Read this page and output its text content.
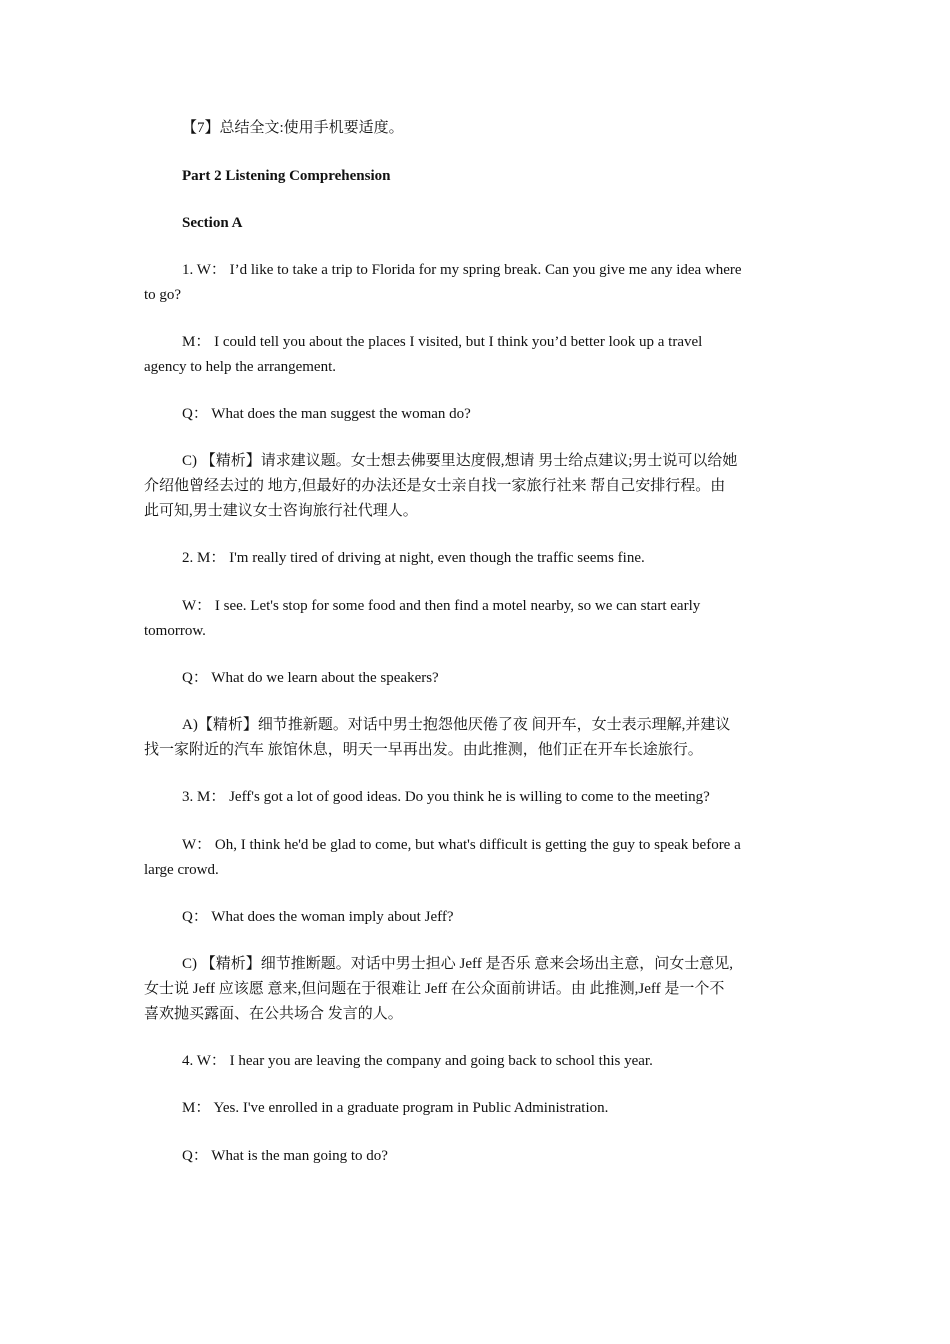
【7】总结全文:使用手机要适度。
Part 2 Listening Comprehension
Section A
1. W： I’d like to take a trip to Florida for my spring break. Can you give me any idea where
to go?
M： I could tell you about the places I visited, but I think you’d better look up a travel
agency to help the arrangement.
Q： What does the man suggest the woman do?
C) 【精析】请求建议题。女士想去佛要里达度假,想请 男士给点建议;男士说可以给她
介绍他曾经去过的 地方,但最好的办法还是女士亲自找一家旅行社来 帮自己安排行程。由
此可知,男士建议女士咨询旅行社代理人。
2. M： I'm really tired of driving at night, even though the traffic seems fine.
W： I see. Let's stop for some food and then find a motel nearby, so we can start early
tomorrow.
Q： What do we learn about the speakers?
A)【精析】细节推新题。对话中男士抱怨他厌倦了夜 间开车，女士表示理解,并建议
找一家附近的汽车 旅馆休息，明天一早再出发。由此推测，他们正在开车长途旅行。
3. M： Jeff's got a lot of good ideas. Do you think he is willing to come to the meeting?
W： Oh, I think he'd be glad to come, but what's difficult is getting the guy to speak before a
large crowd.
Q： What does the woman imply about Jeff?
C) 【精析】细节推断题。对话中男士担心 Jeff 是否乐 意来会场出主意，问女士意见,
女士说 Jeff 应该愿 意来,但问题在于很难让 Jeff 在公众面前讲话。由 此推测,Jeff 是一个不
喜欢抛买露面、在公共场合 发言的人。
4. W： I hear you are leaving the company and going back to school this year.
M： Yes. I've enrolled in a graduate program in Public Administration.
Q： What is the man going to do?
